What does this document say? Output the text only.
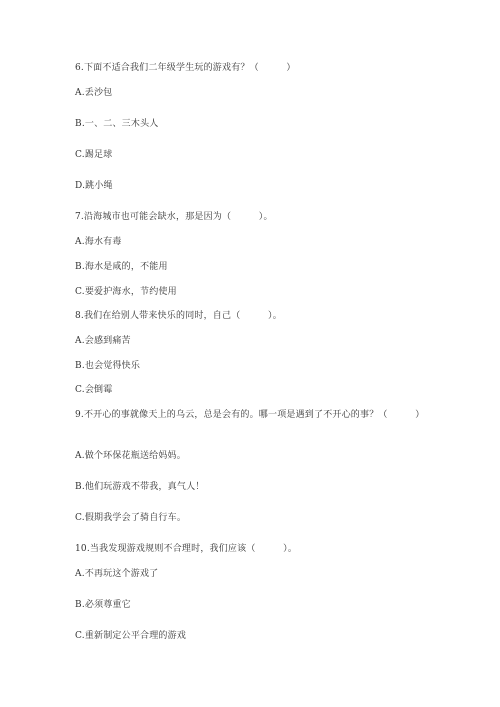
6.下面不适合我们二年级学生玩的游戏有？（　　　）
A.丢沙包
B.一、二、三木头人
C.踢足球
D.跳小绳
7.沿海城市也可能会缺水，那是因为（　　　）。
A.海水有毒
B.海水是咸的，不能用
C.要爱护海水，节约使用
8.我们在给别人带来快乐的同时，自己（　　　）。
A.会感到痛苦
B.也会觉得快乐
C.会倒霉
9.不开心的事就像天上的乌云，总是会有的。哪一项是遇到了不开心的事？（　　　）
A.做个环保花瓶送给妈妈。
B.他们玩游戏不带我，真气人！
C.假期我学会了骑自行车。
10.当我发现游戏规则不合理时，我们应该（　　　）。
A.不再玩这个游戏了
B.必须尊重它
C.重新制定公平合理的游戏
